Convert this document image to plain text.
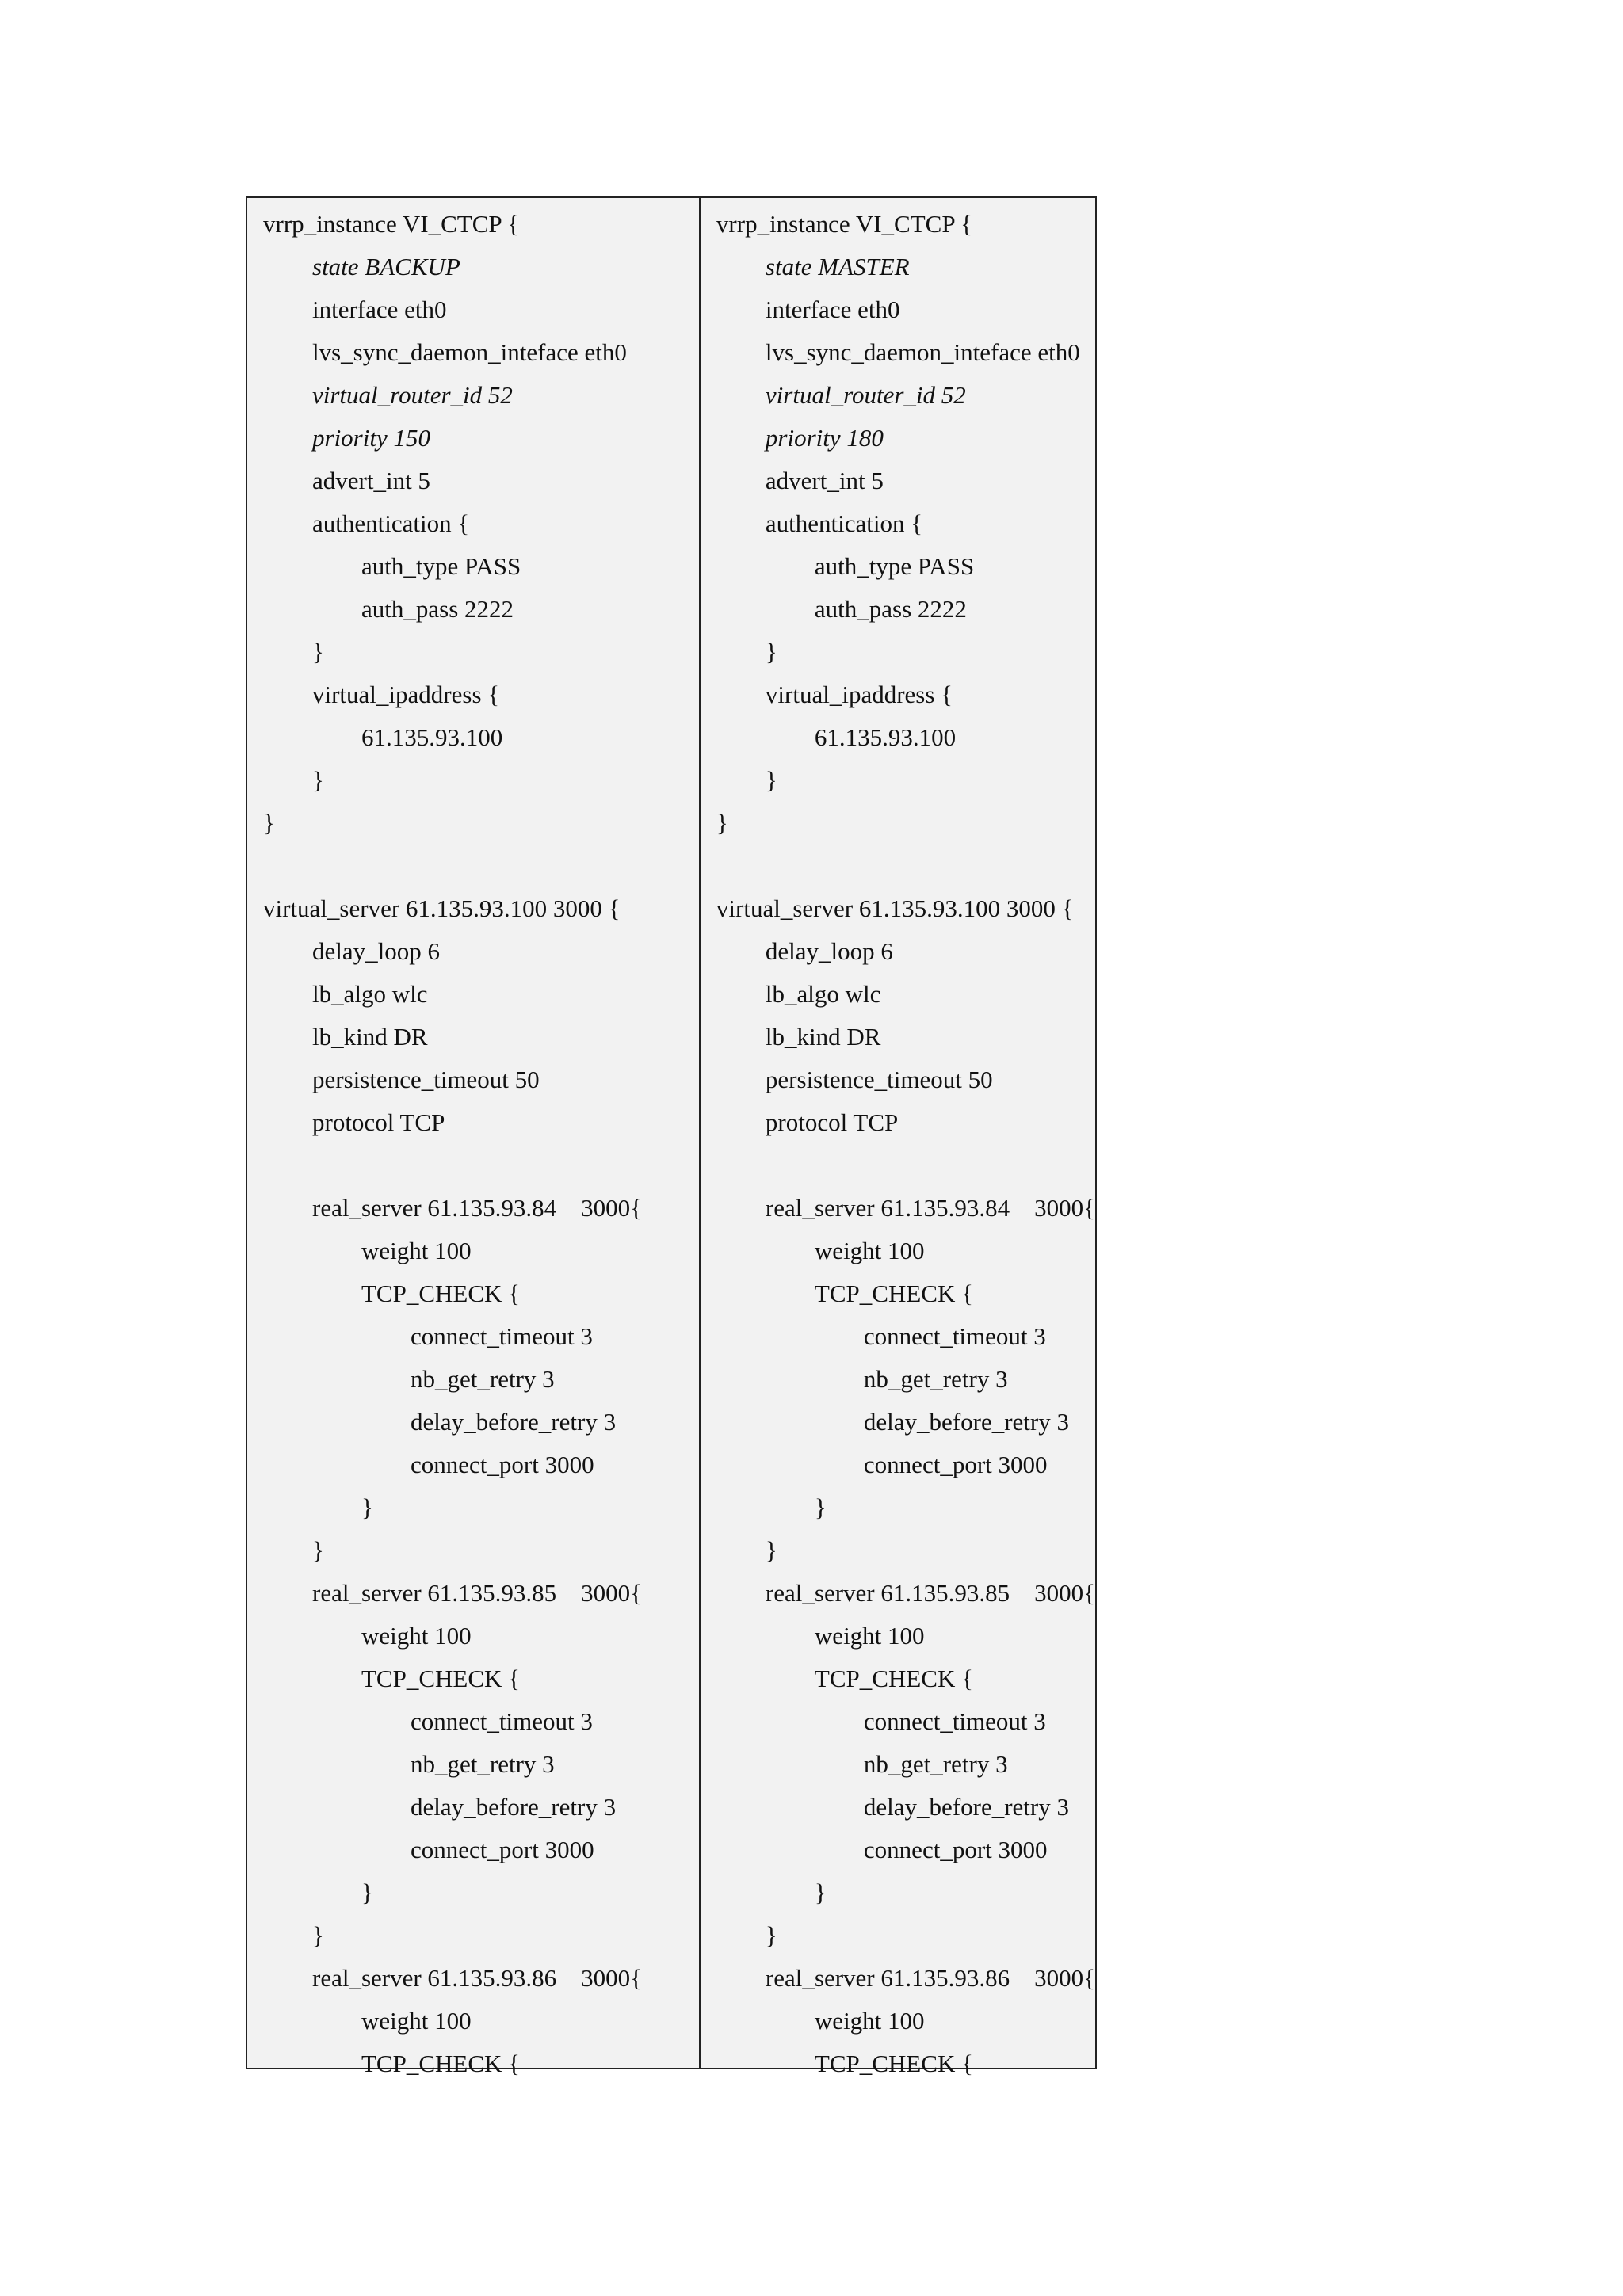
vrrp_instance VI_CTCP {
state BACKUP
interface eth0
lvs_sync_daemon_inteface eth0
virtual_router_id 52
priority 150
advert_int 5
authentication {
auth_type PASS
auth_pass 2222
}
virtual_ipaddress {
61.135.93.100
}
}
virtual_server 61.135.93.100 3000 {
delay_loop 6
lb_algo wlc
lb_kind DR
persistence_timeout 50
protocol TCP
real_server 61.135.93.84    3000{
weight 100
TCP_CHECK {
connect_timeout 3
nb_get_retry 3
delay_before_retry 3
connect_port 3000
}
}
real_server 61.135.93.85    3000{
weight 100
TCP_CHECK {
connect_timeout 3
nb_get_retry 3
delay_before_retry 3
connect_port 3000
}
}
real_server 61.135.93.86    3000{
weight 100
TCP_CHECK {
vrrp_instance VI_CTCP {
state MASTER
interface eth0
lvs_sync_daemon_inteface eth0
virtual_router_id 52
priority 180
advert_int 5
authentication {
auth_type PASS
auth_pass 2222
}
virtual_ipaddress {
61.135.93.100
}
}
virtual_server 61.135.93.100 3000 {
delay_loop 6
lb_algo wlc
lb_kind DR
persistence_timeout 50
protocol TCP
real_server 61.135.93.84    3000{
weight 100
TCP_CHECK {
connect_timeout 3
nb_get_retry 3
delay_before_retry 3
connect_port 3000
}
}
real_server 61.135.93.85    3000{
weight 100
TCP_CHECK {
connect_timeout 3
nb_get_retry 3
delay_before_retry 3
connect_port 3000
}
}
real_server 61.135.93.86    3000{
weight 100
TCP_CHECK {
